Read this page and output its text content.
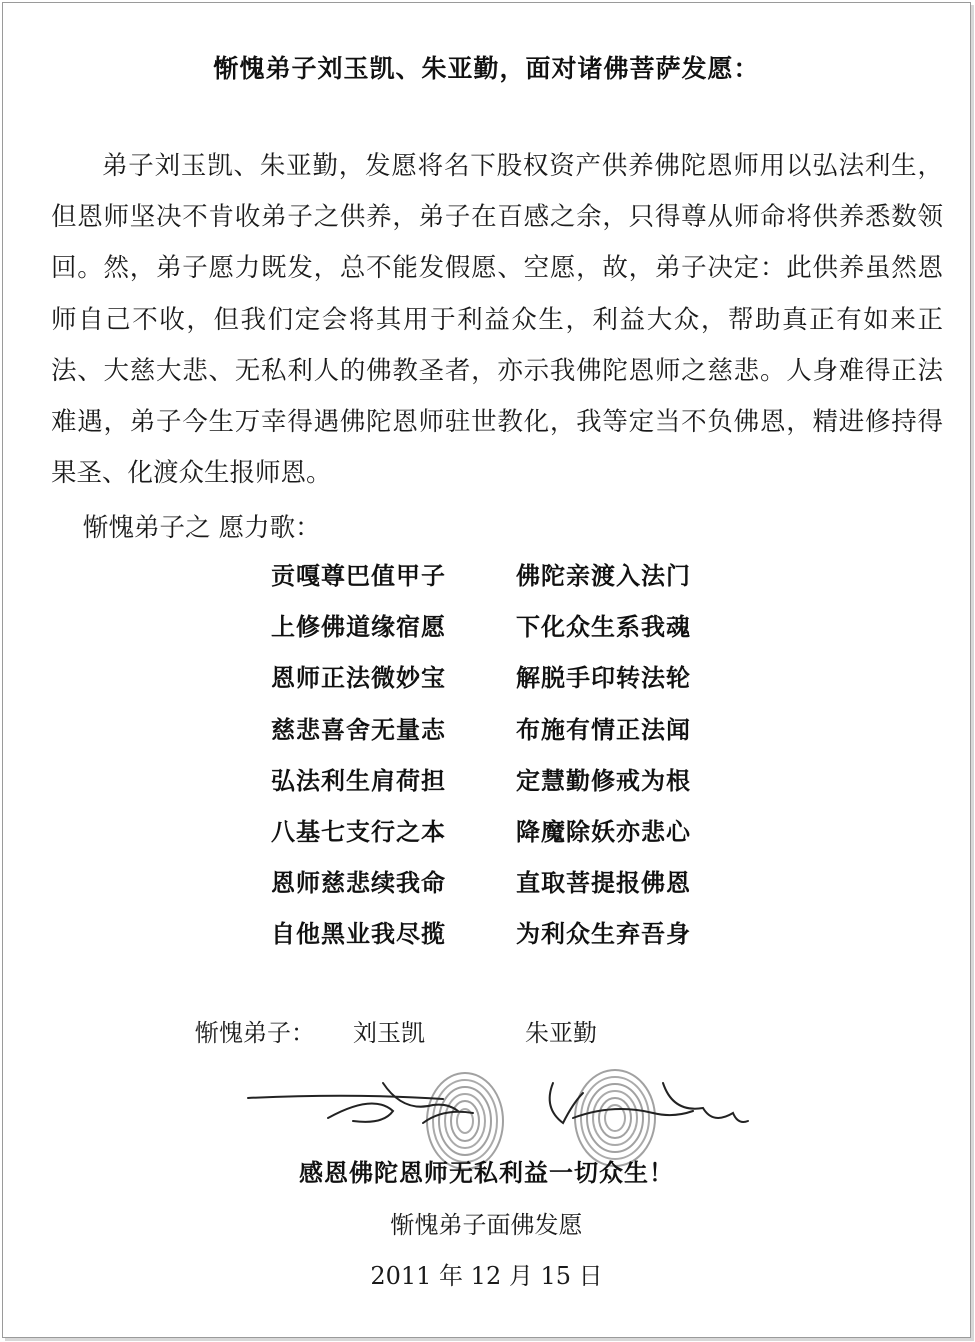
惭愧弟子刘玉凯、朱亚勤，面对诸佛菩萨发愿：
弟子刘玉凯、朱亚勤，发愿将名下股权资产供养佛陀恩师用以弘法利生，但恩师坚决不肯收弟子之供养，弟子在百感之余，只得尊从师命将供养悉数领回。然，弟子愿力既发，总不能发假愿、空愿，故，弟子决定：此供养虽然恩师自己不收，但我们定会将其用于利益众生，利益大众，帮助真正有如来正法、大慈大悲、无私利人的佛教圣者，亦示我佛陀恩师之慈悲。人身难得正法难遇，弟子今生万幸得遇佛陀恩师驻世教化，我等定当不负佛恩，精进修持得果圣、化渡众生报师恩。
惭愧弟子之 愿力歌：
贡嘎尊巴值甲子	佛陀亲渡入法门
上修佛道缘宿愿	下化众生系我魂
恩师正法微妙宝	解脱手印转法轮
慈悲喜舍无量志	布施有情正法闻
弘法利生肩荷担	定慧勤修戒为根
八基七支行之本	降魔除妖亦悲心
恩师慈悲续我命	直取菩提报佛恩
自他黑业我尽揽	为利众生弃吾身
惭愧弟子： 刘玉凯	朱亚勤
感恩佛陀恩师无私利益一切众生！
惭愧弟子面佛发愿
2011 年 12 月 15 日
